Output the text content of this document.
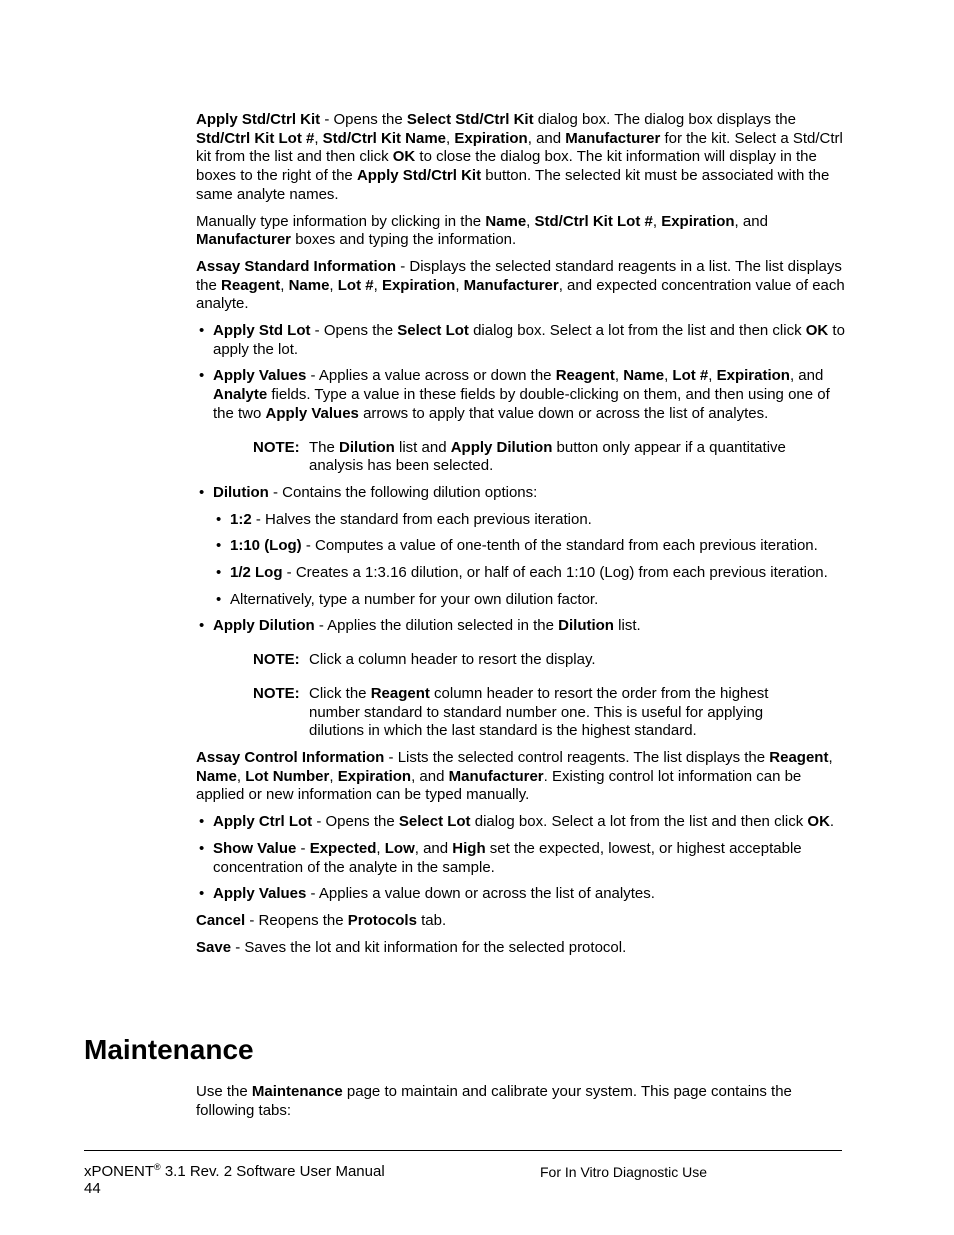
Apply Std/Ctrl Kit - Opens the Select Std/Ctrl Kit dialog box. The dialog box displays the Std/Ctrl Kit Lot #, Std/Ctrl Kit Name, Expiration, and Manufacturer for the kit. Select a Std/Ctrl kit from the list and then click OK to close the dialog box. The kit information will display in the boxes to the right of the Apply Std/Ctrl Kit button. The selected kit must be associated with the same analyte names.
Manually type information by clicking in the Name, Std/Ctrl Kit Lot #, Expiration, and Manufacturer boxes and typing the information.
Assay Standard Information - Displays the selected standard reagents in a list. The list displays the Reagent, Name, Lot #, Expiration, Manufacturer, and expected concentration value of each analyte.
• Apply Std Lot - Opens the Select Lot dialog box. Select a lot from the list and then click OK to apply the lot.
• Apply Values - Applies a value across or down the Reagent, Name, Lot #, Expiration, and Analyte fields. Type a value in these fields by double-clicking on them, and then using one of the two Apply Values arrows to apply that value down or across the list of analytes.
NOTE: The Dilution list and Apply Dilution button only appear if a quantitative analysis has been selected.
• Dilution - Contains the following dilution options:
• 1:2 - Halves the standard from each previous iteration.
• 1:10 (Log) - Computes a value of one-tenth of the standard from each previous iteration.
• 1/2 Log - Creates a 1:3.16 dilution, or half of each 1:10 (Log) from each previous iteration.
• Alternatively, type a number for your own dilution factor.
• Apply Dilution - Applies the dilution selected in the Dilution list.
NOTE: Click a column header to resort the display.
NOTE: Click the Reagent column header to resort the order from the highest number standard to standard number one. This is useful for applying dilutions in which the last standard is the highest standard.
Assay Control Information - Lists the selected control reagents. The list displays the Reagent, Name, Lot Number, Expiration, and Manufacturer. Existing control lot information can be applied or new information can be typed manually.
• Apply Ctrl Lot - Opens the Select Lot dialog box. Select a lot from the list and then click OK.
• Show Value - Expected, Low, and High set the expected, lowest, or highest acceptable concentration of the analyte in the sample.
• Apply Values - Applies a value down or across the list of analytes.
Cancel - Reopens the Protocols tab.
Save - Saves the lot and kit information for the selected protocol.
Maintenance

Use the Maintenance page to maintain and calibrate your system. This page contains the following tabs:

xPONENT® 3.1 Rev. 2 Software User Manual
44
For In Vitro Diagnostic Use
